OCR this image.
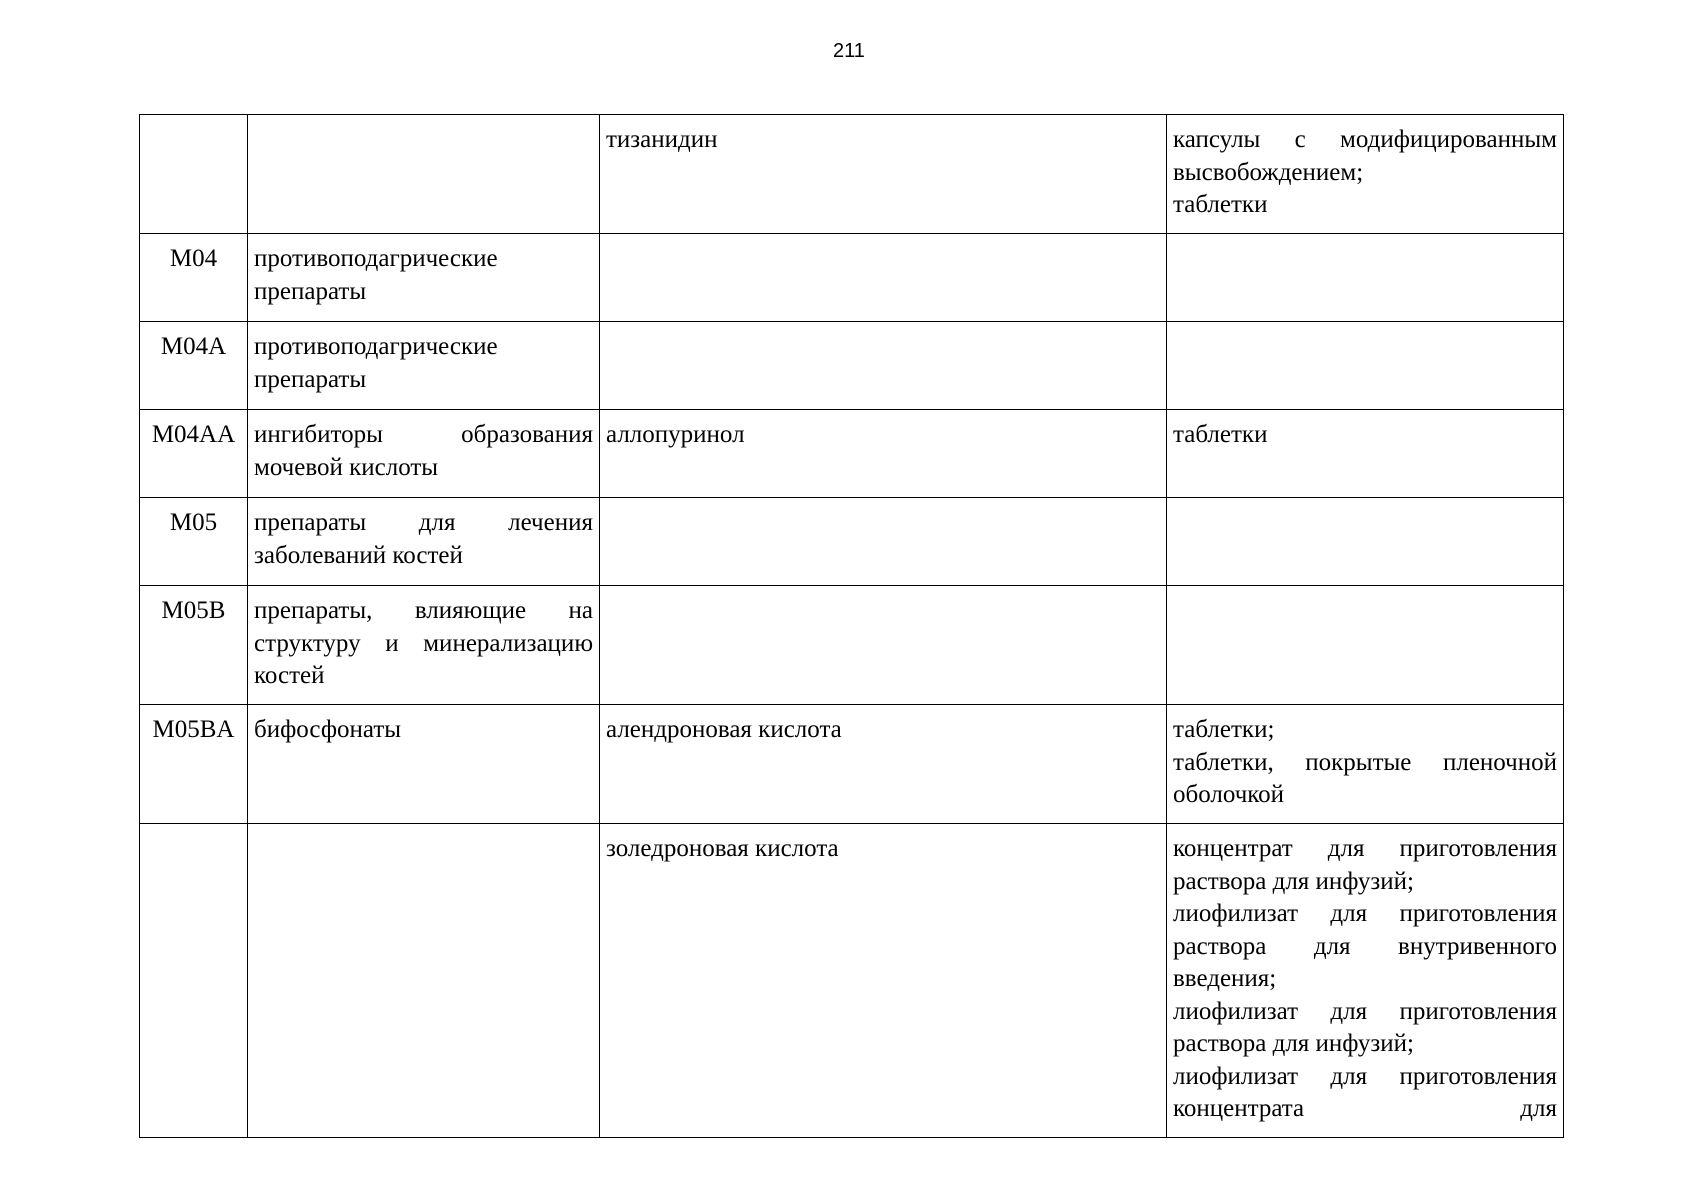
211
		тизанидин	капсулы с модифицированным
высвобождением;
таблетки

M04	противоподагрические препараты		
M04A	противоподагрические препараты		
M04AA	ингибиторы образования мочевой кислоты	аллопуринол	таблетки

M05	препараты для лечения заболеваний костей		
M05B	препараты, влияющие на структуру и минерализацию костей		
M05BA	бифосфонаты	алендроновая кислота	таблетки;
таблетки, покрытые пленочной оболочкой

		золедроновая кислота	концентрат для приготовления раствора для инфузий;
лиофилизат для приготовления раствора для внутривенного введения;
лиофилизат для приготовления раствора для инфузий;
лиофилизат для приготовления концентрата для
